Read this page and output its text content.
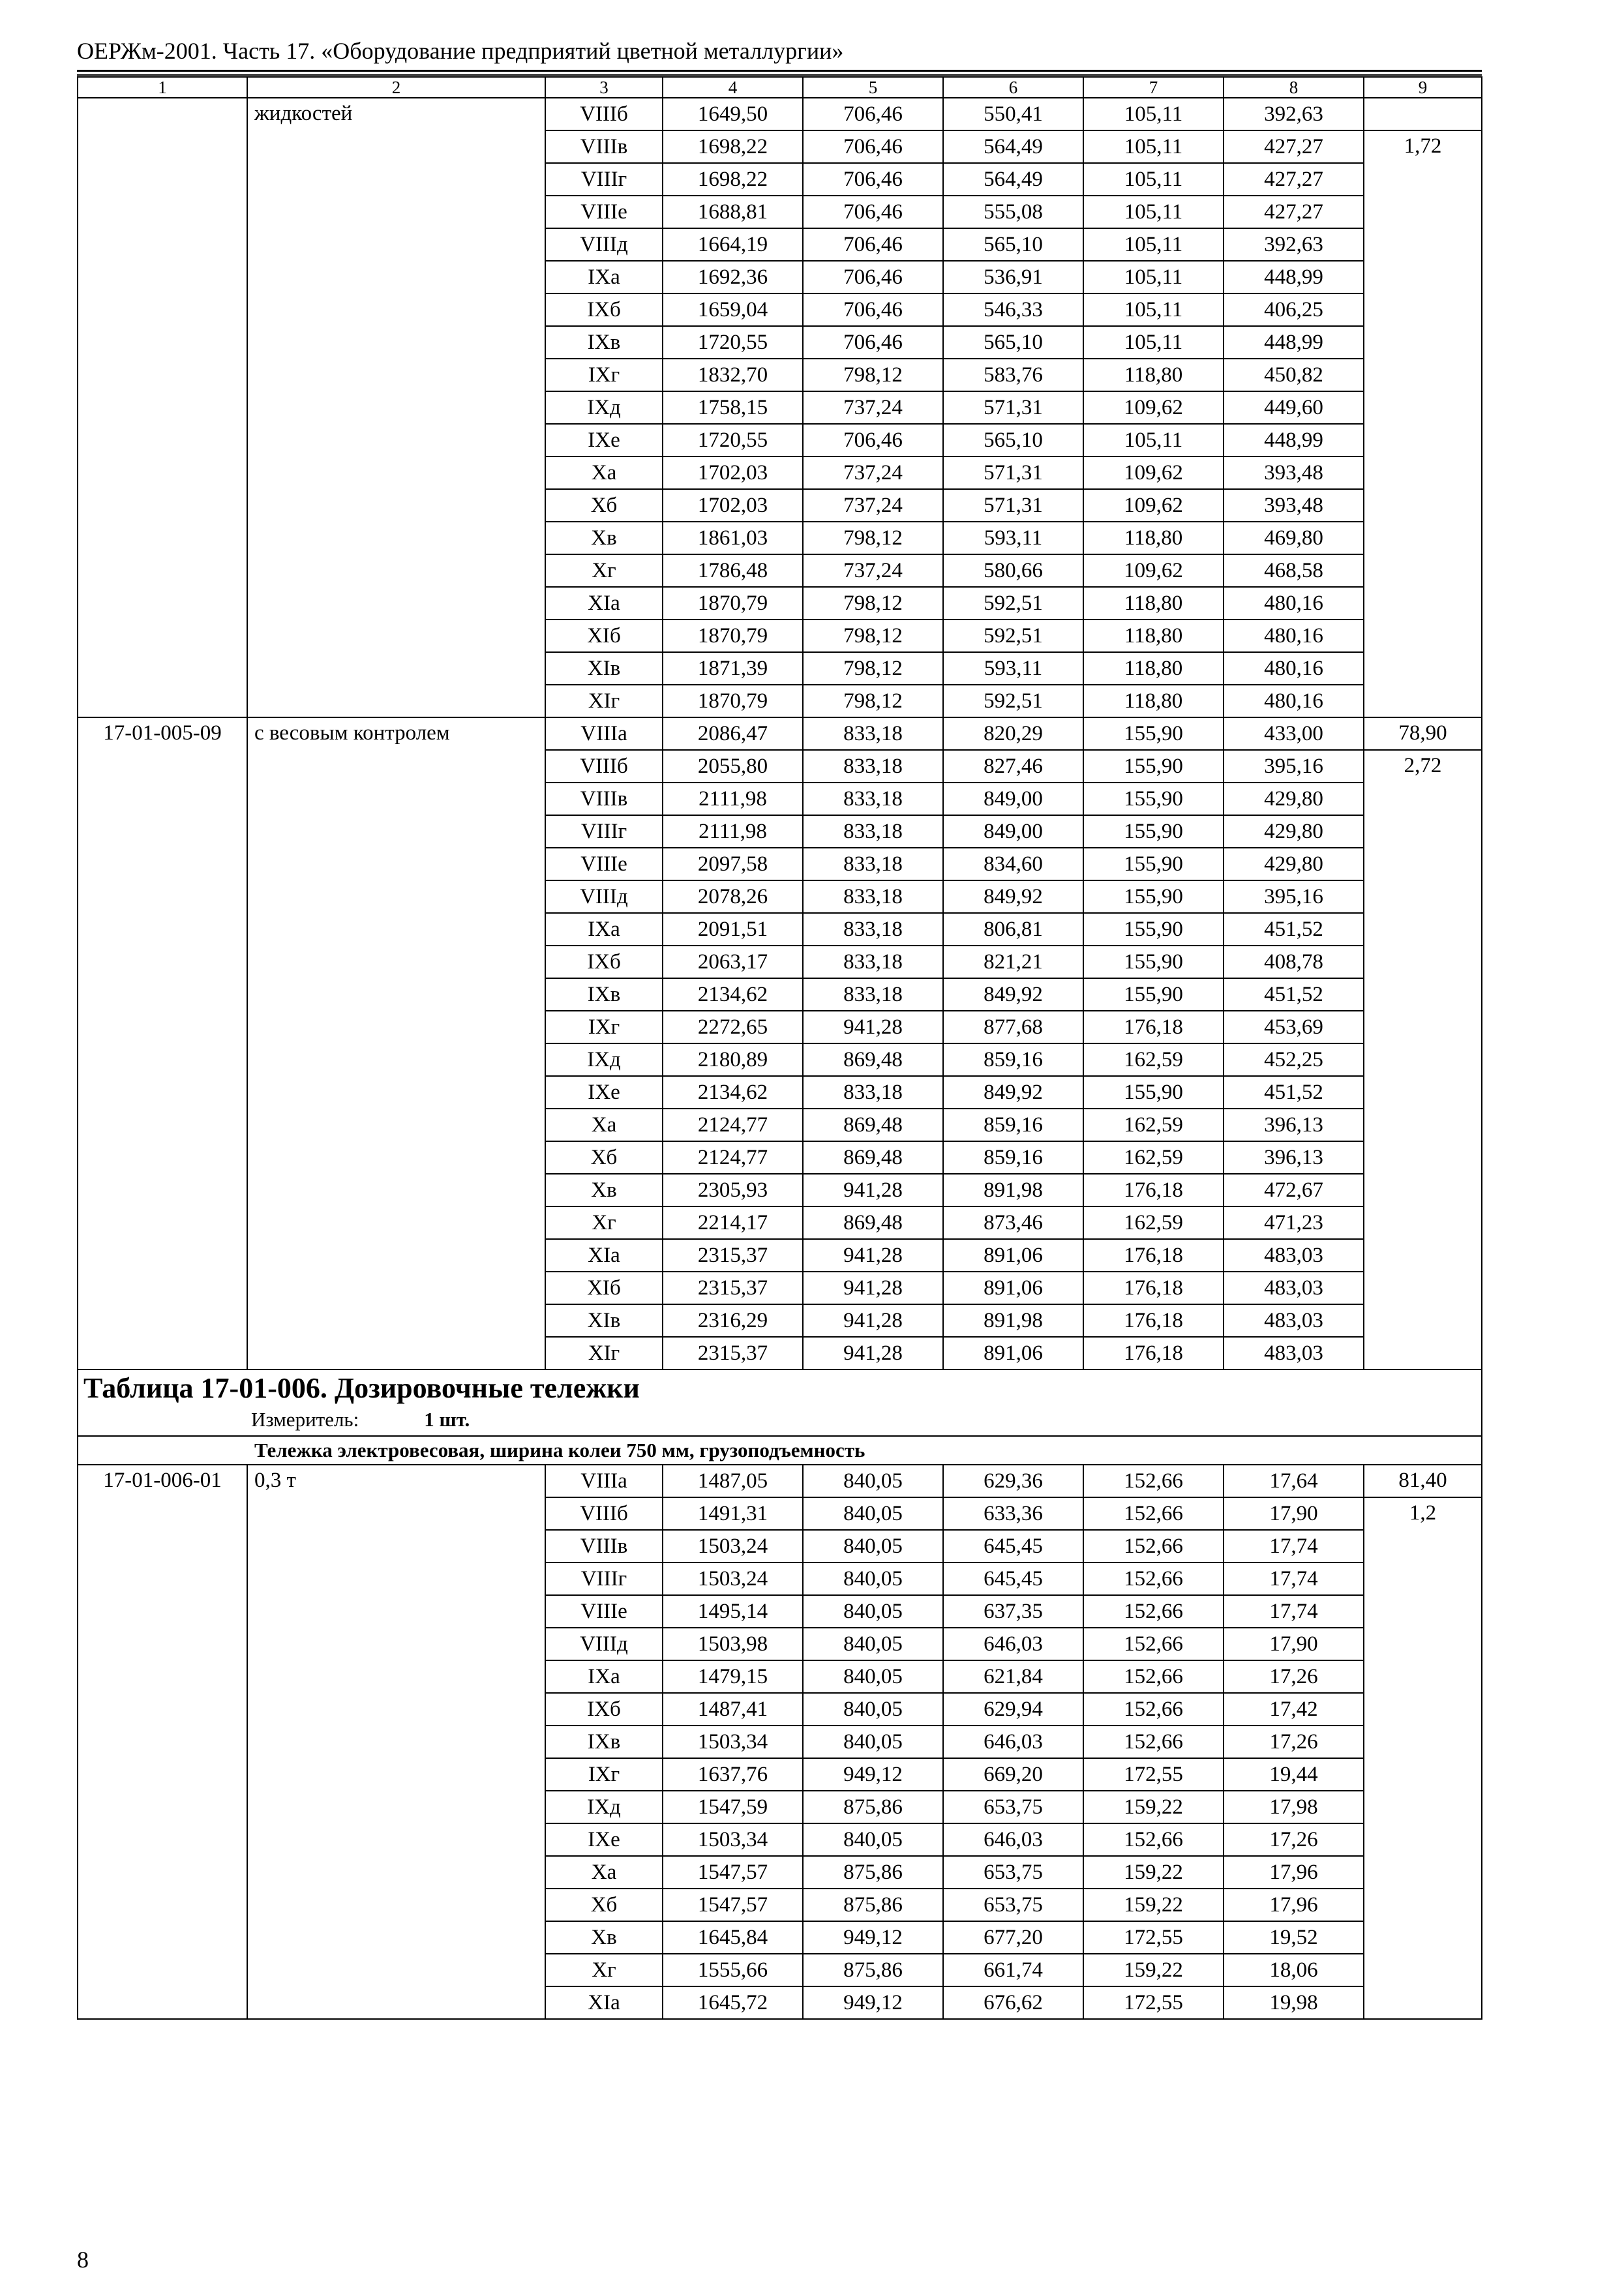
ОЕРЖм-2001. Часть 17. «Оборудование предприятий цветной металлургии»
1	2	3	4	5	6	7	8	9
	жидкостей	VIIIб	1649,50	706,46	550,41	105,11	392,63	
		VIIIв	1698,22	706,46	564,49	105,11	427,27	1,72
		VIIIг	1698,22	706,46	564,49	105,11	427,27	
		VIIIе	1688,81	706,46	555,08	105,11	427,27	
		VIIIд	1664,19	706,46	565,10	105,11	392,63	
		IXа	1692,36	706,46	536,91	105,11	448,99	
		IXб	1659,04	706,46	546,33	105,11	406,25	
		IXв	1720,55	706,46	565,10	105,11	448,99	
		IXг	1832,70	798,12	583,76	118,80	450,82	
		IXд	1758,15	737,24	571,31	109,62	449,60	
		IXе	1720,55	706,46	565,10	105,11	448,99	
		Xа	1702,03	737,24	571,31	109,62	393,48	
		Xб	1702,03	737,24	571,31	109,62	393,48	
		Xв	1861,03	798,12	593,11	118,80	469,80	
		Xг	1786,48	737,24	580,66	109,62	468,58	
		XIа	1870,79	798,12	592,51	118,80	480,16	
		XIб	1870,79	798,12	592,51	118,80	480,16	
		XIв	1871,39	798,12	593,11	118,80	480,16	
		XIг	1870,79	798,12	592,51	118,80	480,16	
17-01-005-09	с весовым контролем	VIIIа	2086,47	833,18	820,29	155,90	433,00	78,90
		VIIIб	2055,80	833,18	827,46	155,90	395,16	2,72
		VIIIв	2111,98	833,18	849,00	155,90	429,80	
		VIIIг	2111,98	833,18	849,00	155,90	429,80	
		VIIIе	2097,58	833,18	834,60	155,90	429,80	
		VIIIд	2078,26	833,18	849,92	155,90	395,16	
		IXа	2091,51	833,18	806,81	155,90	451,52	
		IXб	2063,17	833,18	821,21	155,90	408,78	
		IXв	2134,62	833,18	849,92	155,90	451,52	
		IXг	2272,65	941,28	877,68	176,18	453,69	
		IXд	2180,89	869,48	859,16	162,59	452,25	
		IXе	2134,62	833,18	849,92	155,90	451,52	
		Xа	2124,77	869,48	859,16	162,59	396,13	
		Xб	2124,77	869,48	859,16	162,59	396,13	
		Xв	2305,93	941,28	891,98	176,18	472,67	
		Xг	2214,17	869,48	873,46	162,59	471,23	
		XIа	2315,37	941,28	891,06	176,18	483,03	
		XIб	2315,37	941,28	891,06	176,18	483,03	
		XIв	2316,29	941,28	891,98	176,18	483,03	
		XIг	2315,37	941,28	891,06	176,18	483,03	

Таблица 17-01-006. Дозировочные тележки
Измеритель: 1 шт.								

Тележка электровесовая, ширина колеи 750 мм, грузоподъемность								
17-01-006-01	0,3 т	VIIIа	1487,05	840,05	629,36	152,66	17,64	81,40
		VIIIб	1491,31	840,05	633,36	152,66	17,90	1,2
		VIIIв	1503,24	840,05	645,45	152,66	17,74	
		VIIIг	1503,24	840,05	645,45	152,66	17,74	
		VIIIе	1495,14	840,05	637,35	152,66	17,74	
		VIIIд	1503,98	840,05	646,03	152,66	17,90	
		IXа	1479,15	840,05	621,84	152,66	17,26	
		IXб	1487,41	840,05	629,94	152,66	17,42	
		IXв	1503,34	840,05	646,03	152,66	17,26	
		IXг	1637,76	949,12	669,20	172,55	19,44	
		IXд	1547,59	875,86	653,75	159,22	17,98	
		IXе	1503,34	840,05	646,03	152,66	17,26	
		Xа	1547,57	875,86	653,75	159,22	17,96	
		Xб	1547,57	875,86	653,75	159,22	17,96	
		Xв	1645,84	949,12	677,20	172,55	19,52	
		Xг	1555,66	875,86	661,74	159,22	18,06	
		XIа	1645,72	949,12	676,62	172,55	19,98	
8
